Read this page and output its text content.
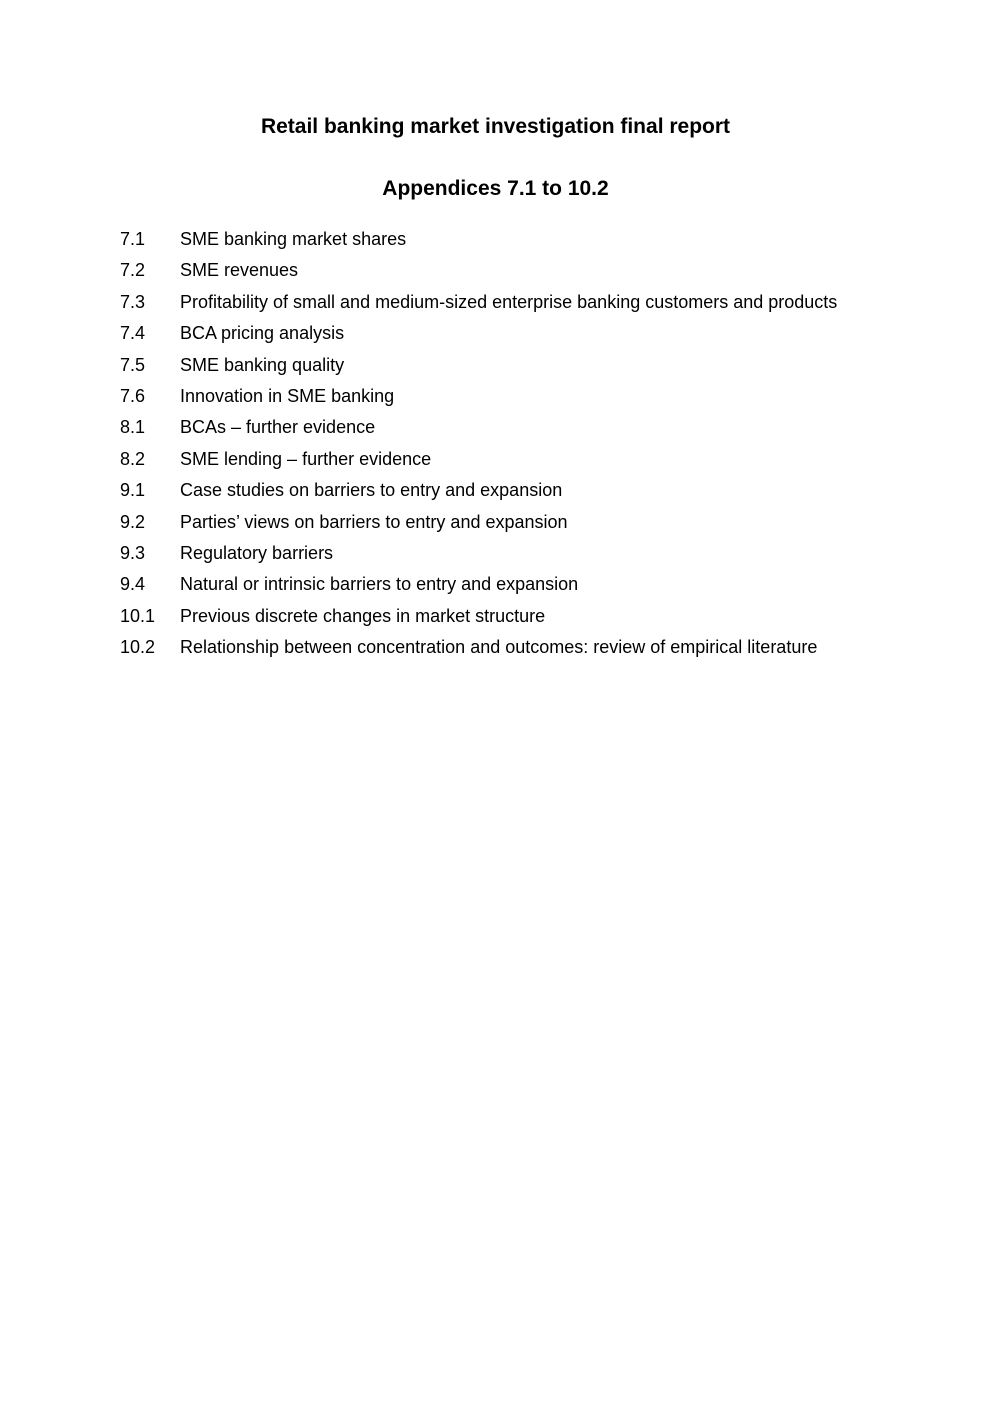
Retail banking market investigation final report
Appendices 7.1 to 10.2
7.1 SME banking market shares
7.2 SME revenues
7.3 Profitability of small and medium-sized enterprise banking customers and products
7.4 BCA pricing analysis
7.5 SME banking quality
7.6 Innovation in SME banking
8.1 BCAs – further evidence
8.2 SME lending – further evidence
9.1 Case studies on barriers to entry and expansion
9.2 Parties’ views on barriers to entry and expansion
9.3 Regulatory barriers
9.4 Natural or intrinsic barriers to entry and expansion
10.1 Previous discrete changes in market structure
10.2 Relationship between concentration and outcomes: review of empirical literature
